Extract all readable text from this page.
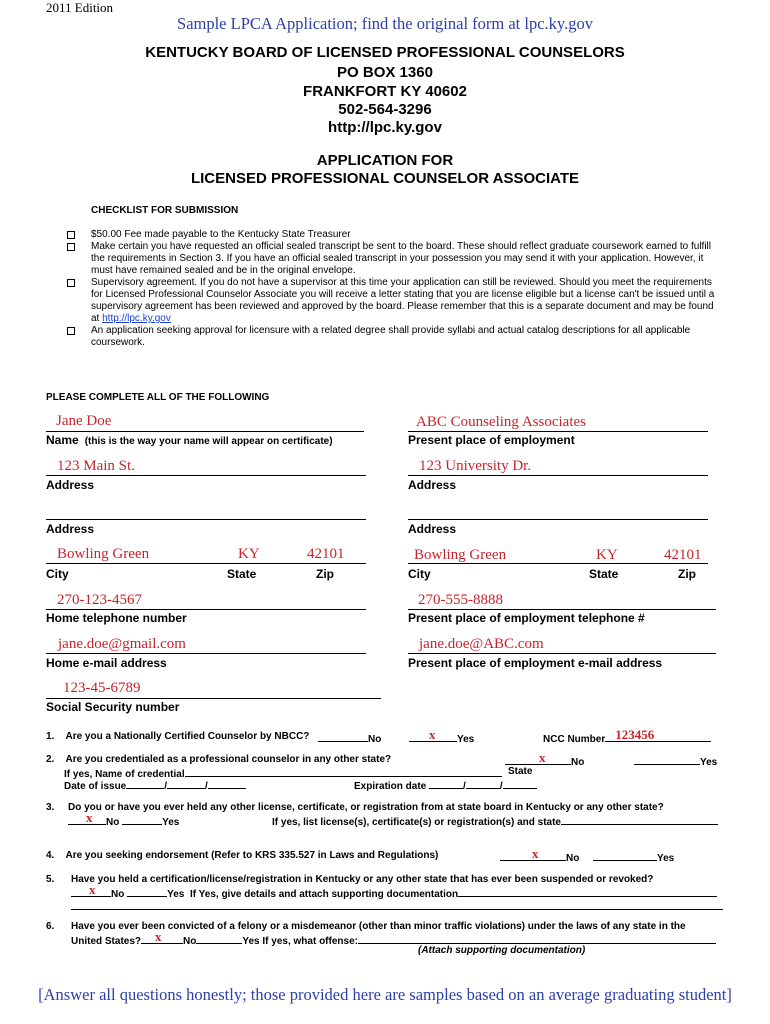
2011 Edition
Sample LPCA Application; find the original form at lpc.ky.gov
KENTUCKY BOARD OF LICENSED PROFESSIONAL COUNSELORS
PO BOX 1360
FRANKFORT KY 40602
502-564-3296
http://lpc.ky.gov
APPLICATION FOR
LICENSED PROFESSIONAL COUNSELOR ASSOCIATE
CHECKLIST FOR SUBMISSION
$50.00 Fee made payable to the Kentucky State Treasurer
Make certain you have requested an official sealed transcript be sent to the board. These should reflect graduate coursework earned to fulfill
the requirements in Section 3. If you have an official sealed transcript in your possession you may send it with your application. However, it
must have remained sealed and be in the original envelope.
Supervisory agreement. If you do not have a supervisor at this time your application can still be reviewed. Should you meet the requirements
for Licensed Professional Counselor Associate you will receive a letter stating that you are license eligible but a license can't be issued until a
supervisory agreement has been reviewed and approved by the board. Please remember that this is a separate document and may be found
at http://lpc.ky.gov
An application seeking approval for licensure with a related degree shall provide syllabi and actual catalog descriptions for all applicable
coursework.
PLEASE COMPLETE ALL OF THE FOLLOWING
Jane Doe
Name (this is the way your name will appear on certificate)
ABC Counseling Associates
Present place of employment
123 Main St.
Address
123 University Dr.
Address
Address	Address
Bowling Green	KY	42101
City	State	Zip
Bowling Green	KY	42101
City	State	Zip
270-123-4567
Home telephone number
270-555-8888
Present place of employment telephone #
jane.doe@gmail.com
Home e-mail address
jane.doe@ABC.com
Present place of employment e-mail address
123-45-6789
Social Security number
1. Are you a Nationally Certified Counselor by NBCC?	No	x Yes	NCC Number 123456
2. Are you credentialed as a professional counselor in any other state?	x	No	Yes
If yes, Name of credential	State
Date of issue	/	/	Expiration date	/	/
3. Do you or have you ever held any other license, certificate, or registration from at state board in Kentucky or any other state?
x No	Yes	If yes, list license(s), certificate(s) or registration(s) and state
4. Are you seeking endorsement (Refer to KRS 335.527 in Laws and Regulations)	x	No	Yes
5. Have you held a certification/license/registration in Kentucky or any other state that has ever been suspended or revoked?
x No	Yes If Yes, give details and attach supporting documentation
6. Have you ever been convicted of a felony or a misdemeanor (other than minor traffic violations) under the laws of any state in the
United States? x No	Yes If yes, what offense:
(Attach supporting documentation)
[Answer all questions honestly; those provided here are samples based on an average graduating student]
